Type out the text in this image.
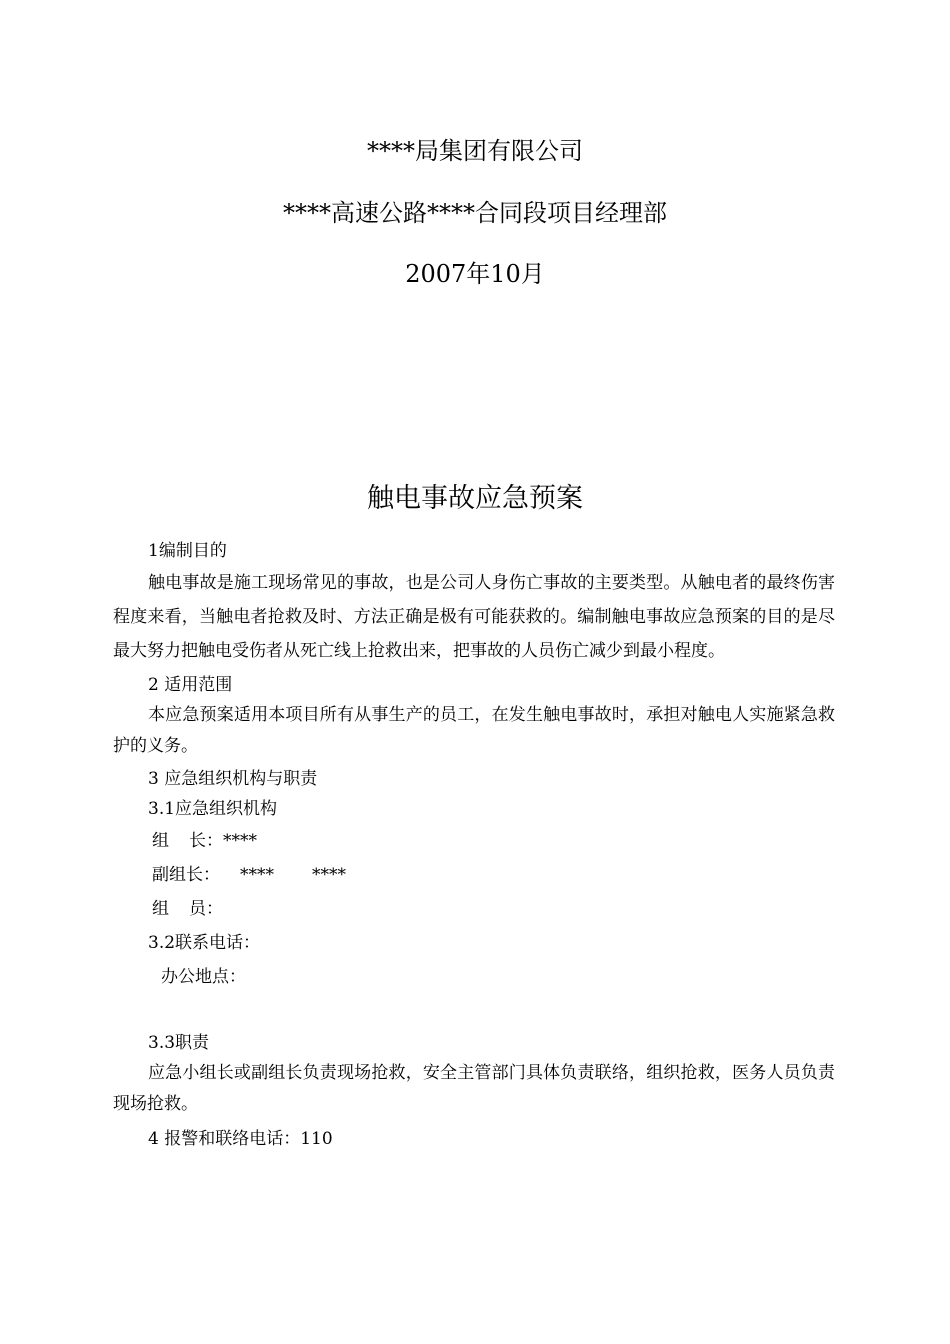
****局集团有限公司
****高速公路****合同段项目经理部
2007年10月
触电事故应急预案

1编制目的

触电事故是施工现场常见的事故，也是公司人身伤亡事故的主要类型。从触电者的最终伤害程度来看，当触电者抢救及时、方法正确是极有可能获救的。编制触电事故应急预案的目的是尽最大努力把触电受伤者从死亡线上抢救出来，把事故的人员伤亡减少到最小程度。

2 适用范围

本应急预案适用本项目所有从事生产的员工，在发生触电事故时，承担对触电人实施紧急救护的义务。

3 应急组织机构与职责

3.1应急组织机构

组 长：****

副组长： **** ****

组 员：

3.2联系电话：

办公地点：

3.3职责

应急小组长或副组长负责现场抢救，安全主管部门具体负责联络，组织抢救，医务人员负责现场抢救。

4 报警和联络电话：110
